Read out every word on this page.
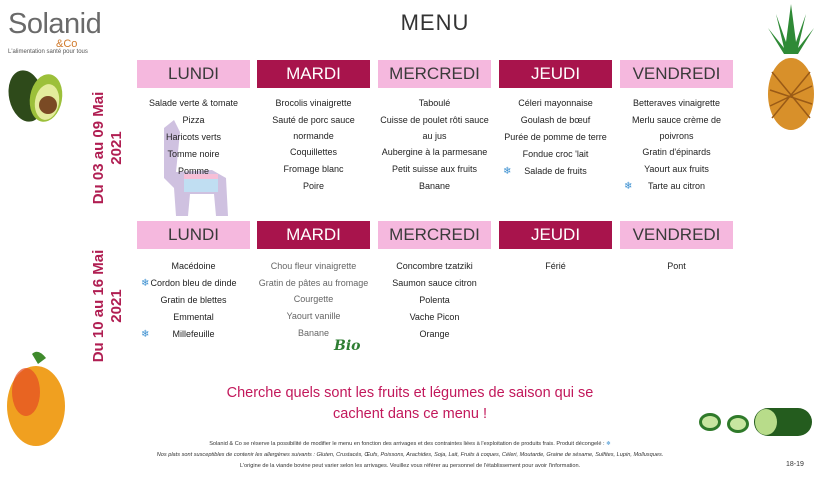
Solanid
&Co
L'alimentation santé pour tous
MENU
Du 03 au 09 Mai
2021
Du 10 au 16 Mai
2021
LUNDI
Salade verte & tomate
Pizza
Haricots verts
Tomme noire
Pomme
MARDI
Brocolis vinaigrette
Sauté de porc sauce normande
Coquillettes
Fromage blanc
Poire
MERCREDI
Taboulé
Cuisse de poulet rôti sauce au jus
Aubergine à la parmesane
Petit suisse aux fruits
Banane
JEUDI
Céleri mayonnaise
Goulash de bœuf
Purée de pomme de terre
Fondue croc 'lait
❄ Salade de fruits
VENDREDI
Betteraves vinaigrette
Merlu sauce crème de poivrons
Gratin d'épinards
Yaourt aux fruits
❄ Tarte au citron
LUNDI
Macédoine
❄ Cordon bleu de dinde
Gratin de blettes
Emmental
❄	Millefeuille
MARDI
Chou fleur vinaigrette
Gratin de pâtes au fromage
Courgette
Yaourt vanille
Banane
MERCREDI
Concombre tzatziki
Saumon sauce citron
Polenta
Vache Picon
Orange
JEUDI
Férié
VENDREDI
Pont
Bio
Cherche quels sont les fruits et légumes de saison qui se cachent dans ce menu !
Solanid & Co se réserve la possibilité de modifier le menu en fonction des arrivages et des contraintes liées à l'exploitation de produits frais. Produit décongelé : ❄
Nos plats sont susceptibles de contenir les allergènes suivants : Gluten, Crustacés, Œufs, Poissons, Arachides, Soja, Lait, Fruits à coques, Céleri, Moutarde, Graine de sésame, Sulfites, Lupin, Mollusques.
L'origine de la viande bovine peut varier selon les arrivages. Veuillez vous référer au personnel de l'établissement pour avoir l'information.	18-19
